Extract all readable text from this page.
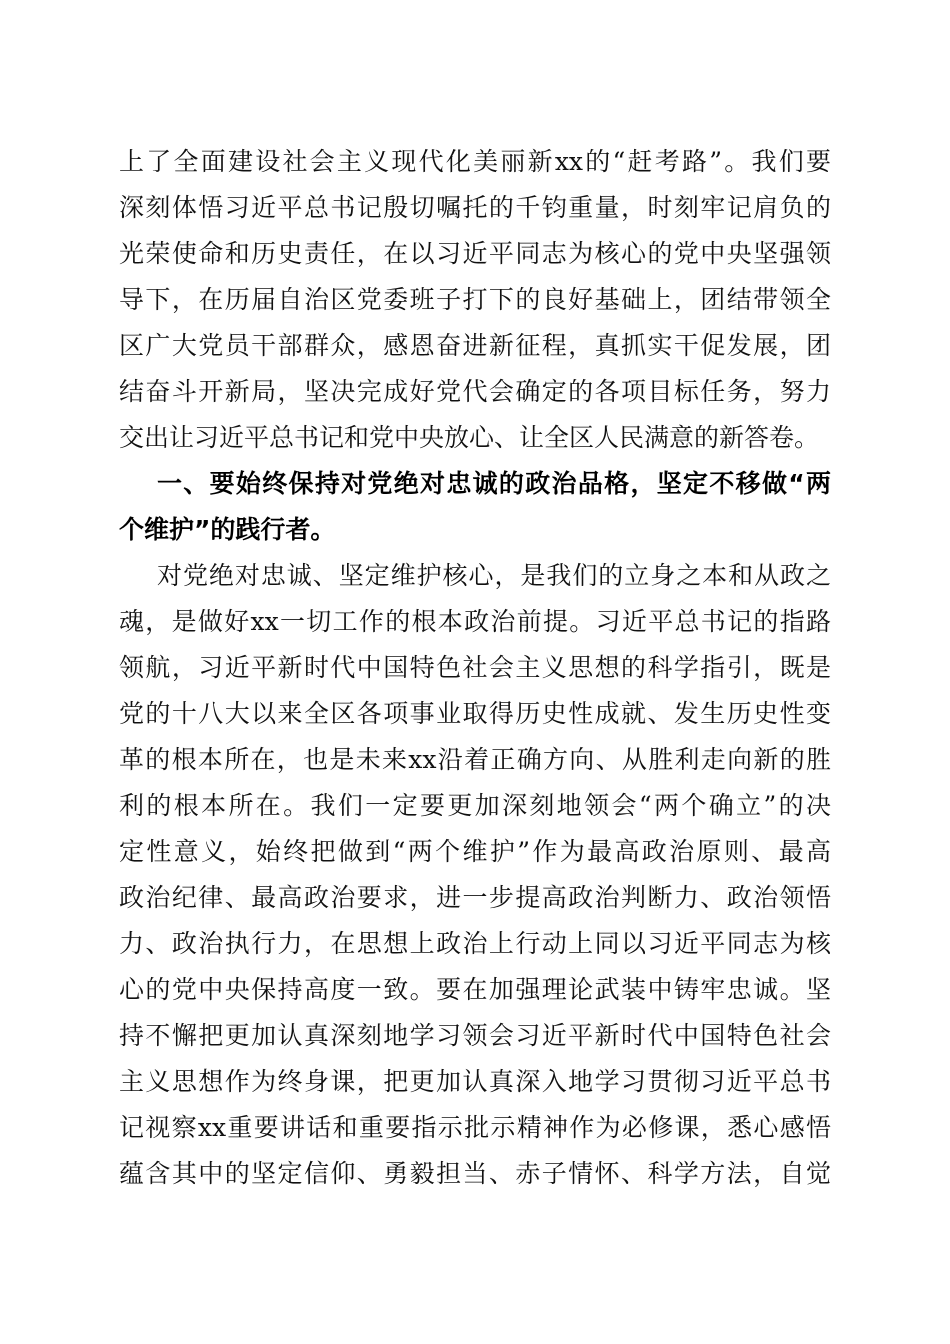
上了全面建设社会主义现代化美丽新xx的“赶考路”。我们要
深刻体悟习近平总书记殷切嘱托的千钧重量，时刻牢记肩负的
光荣使命和历史责任，在以习近平同志为核心的党中央坚强领
导下，在历届自治区党委班子打下的良好基础上，团结带领全
区广大党员干部群众，感恩奋进新征程，真抓实干促发展，团
结奋斗开新局，坚决完成好党代会确定的各项目标任务，努力
交出让习近平总书记和党中央放心、让全区人民满意的新答卷。
一、要始终保持对党绝对忠诚的政治品格，坚定不移做“两
个维护”的践行者。
对党绝对忠诚、坚定维护核心，是我们的立身之本和从政之
魂，是做好xx一切工作的根本政治前提。习近平总书记的指路
领航，习近平新时代中国特色社会主义思想的科学指引，既是
党的十八大以来全区各项事业取得历史性成就、发生历史性变
革的根本所在，也是未来xx沿着正确方向、从胜利走向新的胜
利的根本所在。我们一定要更加深刻地领会“两个确立”的决
定性意义，始终把做到“两个维护”作为最高政治原则、最高
政治纪律、最高政治要求，进一步提高政治判断力、政治领悟
力、政治执行力，在思想上政治上行动上同以习近平同志为核
心的党中央保持高度一致。要在加强理论武装中铸牢忠诚。坚
持不懈把更加认真深刻地学习领会习近平新时代中国特色社会
主义思想作为终身课，把更加认真深入地学习贯彻习近平总书
记视察xx重要讲话和重要指示批示精神作为必修课，悉心感悟
蕴含其中的坚定信仰、勇毅担当、赤子情怀、科学方法，自觉
